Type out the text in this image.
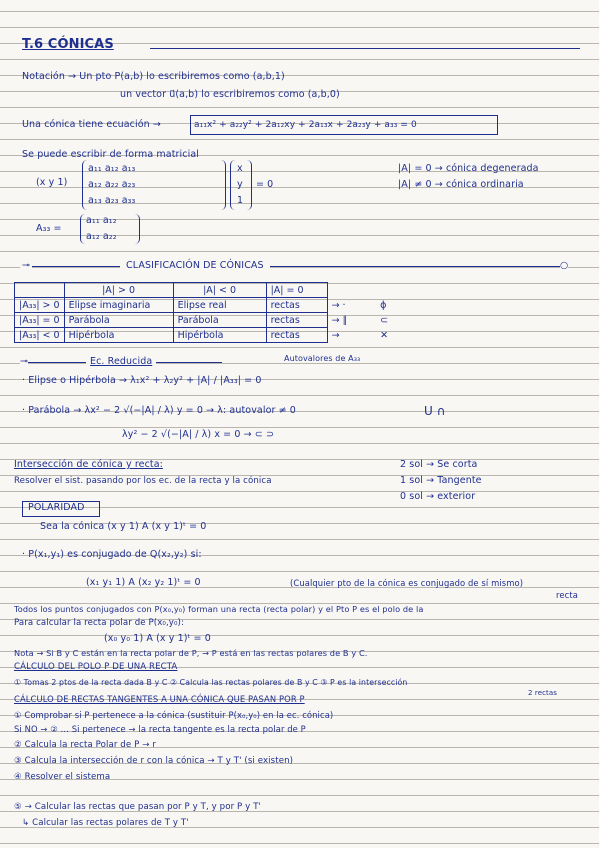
T.6 CÓNICAS
Notación → Un pto P(a,b) lo escribiremos como (a,b,1)
un vector u⃗(a,b) lo escribiremos como (a,b,0)
Una cónica tiene ecuación →	a₁₁x² + a₂₂y² + 2a₁₂xy + 2a₁₃x + 2a₂₃y + a₃₃ = 0
Se puede escribir de forma matricial
(x y 1)
a₁₁ a₁₂ a₁₃
a₁₂ a₂₂ a₂₃
a₁₃ a₂₃ a₃₃
x
y
1
= 0
|A| = 0 → cónica degenerada
|A| ≠ 0 → cónica ordinaria
A₃₃ =
a₁₁ a₁₂
a₁₂ a₂₂
⊸	CLASIFICACIÓN DE CÓNICAS	○
	|A| > 0	|A| < 0	|A| = 0		
|A₃₃| > 0	Elipse imaginaria	Elipse real	rectas	→ ·	ϕ
|A₃₃| = 0	Parábola	Parábola	rectas	→ ∥	⊂
|A₃₃| < 0	Hipérbola	Hipérbola	rectas	→	✕
⊸	Ec. Reducida	Autovalores de A₃₃
· Elipse o Hipérbola → λ₁x² + λ₂y² + |A| / |A₃₃| = 0
· Parábola → λx² − 2 √(−|A| / λ) y = 0 → λ: autovalor ≠ 0	U ∩
λy² − 2 √(−|A| / λ) x = 0 → ⊂ ⊃
Intersección de cónica y recta:
Resolver el sist. pasando por los ec. de la recta y la cónica
2 sol → Se corta
1 sol → Tangente
0 sol → exterior
POLARIDAD
Sea la cónica (x y 1) A (x y 1)ᵗ = 0
· P(x₁,y₁) es conjugado de Q(x₂,y₂) si:
(x₁ y₁ 1) A (x₂ y₂ 1)ᵗ = 0	(Cualquier pto de la cónica es conjugado de sí mismo)
recta
Todos los puntos conjugados con P(x₀,y₀) forman una recta (recta polar) y el Pto P es el polo de la
Para calcular la recta polar de P(x₀,y₀):
(x₀ y₀ 1) A (x y 1)ᵗ = 0
Nota → Si B y C están en la recta polar de P, → P está en las rectas polares de B y C.
CÁLCULO DEL POLO P DE UNA RECTA
① Tomas 2 ptos de la recta dada B y C ② Calcula las rectas polares de B y C ③ P es la intersección
2 rectas
CÁLCULO DE RECTAS TANGENTES A UNA CÓNICA QUE PASAN POR P
① Comprobar si P pertenece a la cónica (sustituir P(x₀,y₀) en la ec. cónica)
Si NO → ② ... Si pertenece → la recta tangente es la recta polar de P
② Calcula la recta Polar de P → r
③ Calcula la intersección de r con la cónica → T y T' (si existen)
④ Resolver el sistema
⑤ → Calcular las rectas que pasan por P y T, y por P y T'
↳ Calcular las rectas polares de T y T'
